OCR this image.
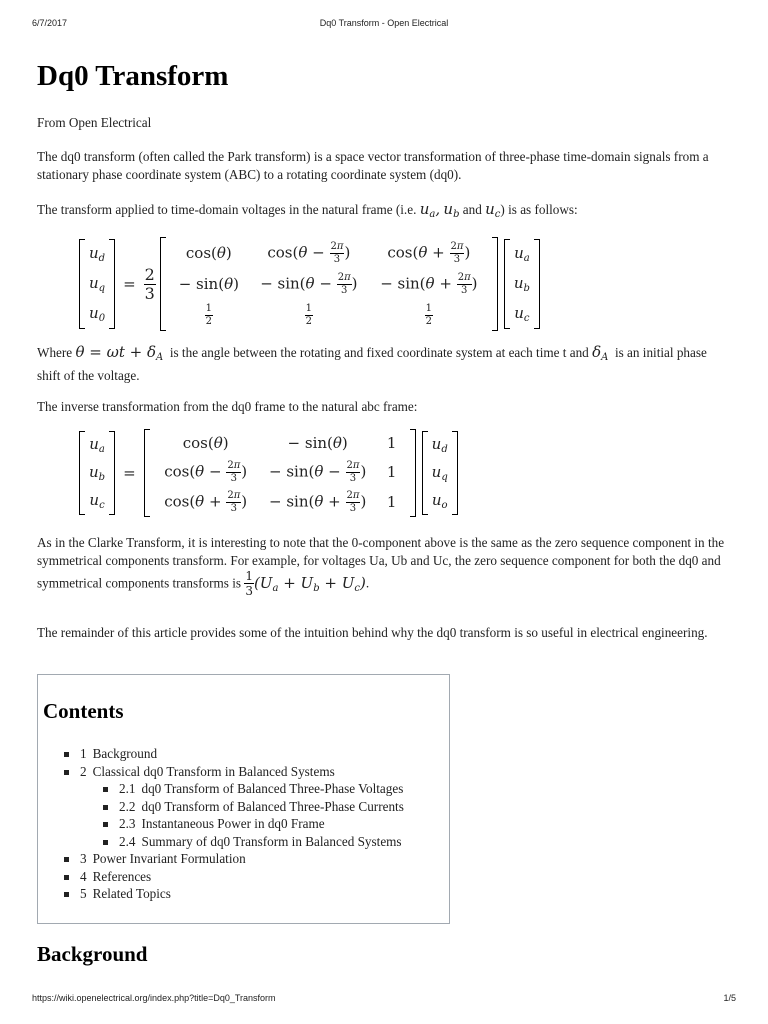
6/7/2017	Dq0 Transform - Open Electrical
Dq0 Transform

From Open Electrical

The dq0 transform (often called the Park transform) is a space vector transformation of three-phase time-domain signals from a stationary phase coordinate system (ABC) to a rotating coordinate system (dq0).

The transform applied to time-domain voltages in the natural frame (i.e. $u_a$, $u_b$ and $u_c$) is as follows:

$u_d$
$u_q$
$u_0$
= $\frac{2}{3}$
cos(θ)	$\cos(\theta - \frac{2\pi}{3}$ )	$\cos(\theta + \frac{2\pi}{3}$ )
− sin(θ)	− $\sin(\theta - \frac{2\pi}{3}$ )	− $\sin(\theta + \frac{2\pi}{3}$ )
$\frac{1}{2}$	$\frac{1}{2}$	$\frac{1}{2}$
$u_a$
$u_b$
$u_c$

Where $\theta = \omega t + \delta_A$ is the angle between the rotating and fixed coordinate system at each time t and $\delta_A$ is an initial phase shift of the voltage.

The inverse transformation from the dq0 frame to the natural abc frame:

$u_a$
$u_b$
$u_c$
=
cos(θ)	− sin(θ)	1
$\cos(\theta - \frac{2\pi}{3}$ )	− $\sin(\theta - \frac{2\pi}{3}$ )	1
$\cos(\theta + \frac{2\pi}{3}$ )	− $\sin(\theta + \frac{2\pi}{3}$ )	1
$u_d$
$u_q$
$u_o$

As in the Clarke Transform, it is interesting to note that the 0-component above is the same as the zero sequence component in the symmetrical components transform. For example, for voltages Ua, Ub and Uc, the zero sequence component for both the dq0 and symmetrical components transforms is $\frac{1}{3} (U_a + U_b + U_c)$.

The remainder of this article provides some of the intuition behind why the dq0 transform is so useful in electrical engineering.

Contents
1 Background
2 Classical dq0 Transform in Balanced Systems
2.1 dq0 Transform of Balanced Three-Phase Voltages
2.2 dq0 Transform of Balanced Three-Phase Currents
2.3 Instantaneous Power in dq0 Frame
2.4 Summary of dq0 Transform in Balanced Systems
3 Power Invariant Formulation
4 References
5 Related Topics
Background
https://wiki.openelectrical.org/index.php?title=Dq0_Transform	1/5
